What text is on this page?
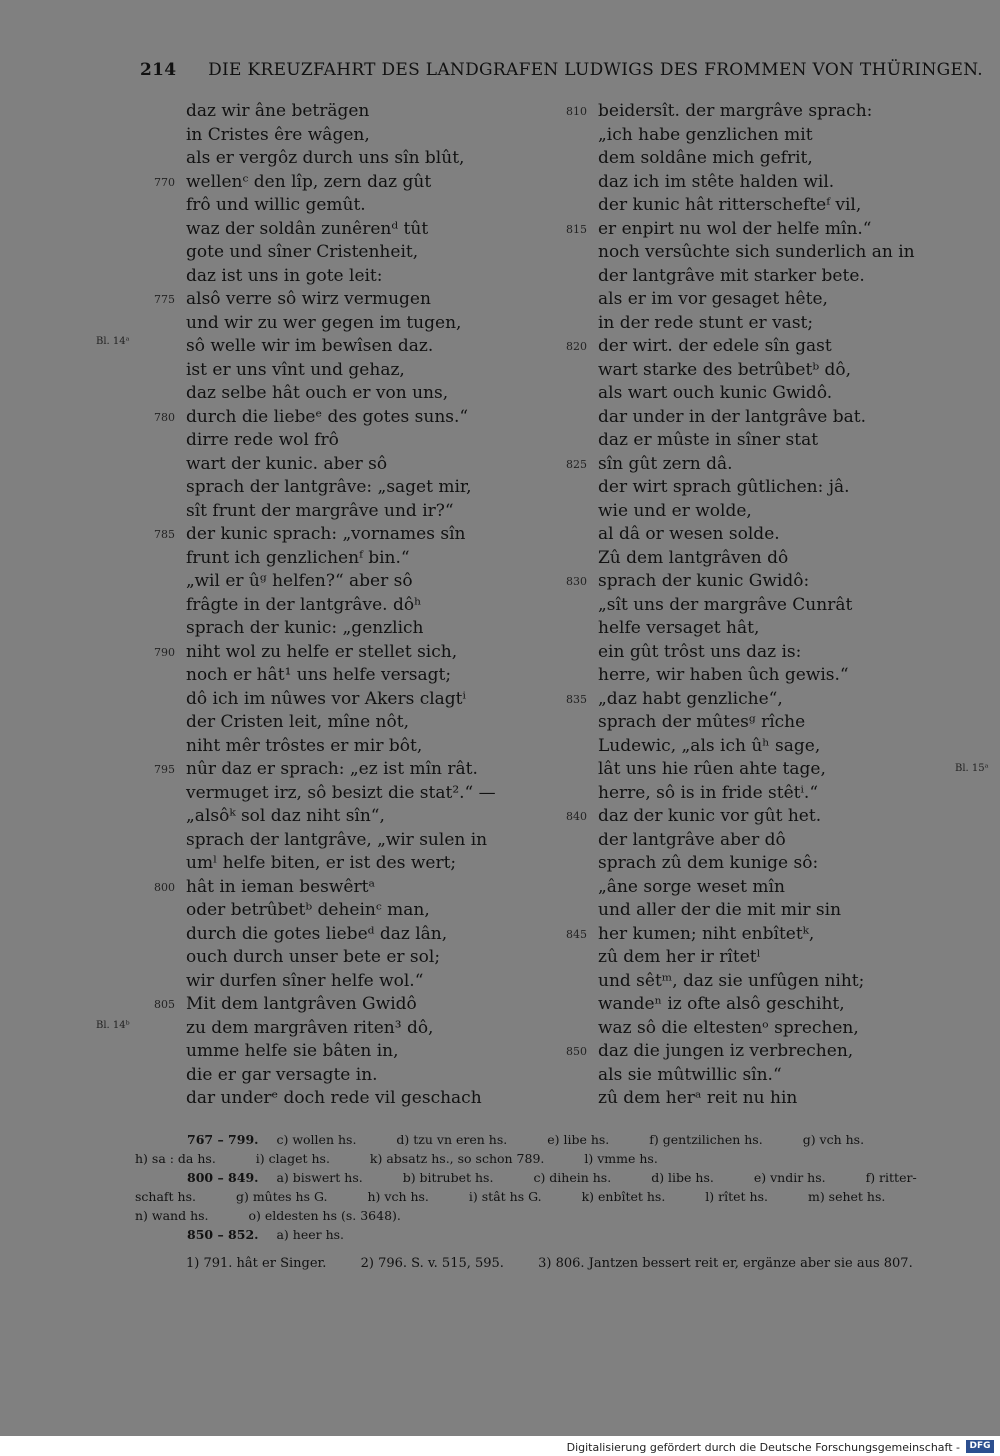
214 DIE KREUZFAHRT DES LANDGRAFEN LUDWIGS DES FROMMEN VON THÜRINGEN.
Bl. 14ᵃ
Bl. 14ᵇ
Bl. 15ᵃ
daz wir âne beträgen
in Cristes êre wâgen,
als er vergôz durch uns sîn blût,
770 wellenᶜ den lîp, zern daz gût
frô und willic gemût.
waz der soldân zunêrenᵈ tût
gote und sîner Cristenheit,
daz ist uns in gote leit:
775 alsô verre sô wirz vermugen
und wir zu wer gegen im tugen,
sô welle wir im bewîsen daz.
ist er uns vînt und gehaz,
daz selbe hât ouch er von uns,
780 durch die liebeᵉ des gotes suns.“
dirre rede wol frô
wart der kunic. aber sô
sprach der lantgrâve: „saget mir,
sît frunt der margrâve und ir?“
785 der kunic sprach: „vornames sîn
frunt ich genzlichenᶠ bin.“
„wil er ûᵍ helfen?“ aber sô
frâgte in der lantgrâve. dôʰ
sprach der kunic: „genzlich
790 niht wol zu helfe er stellet sich,
noch er hât¹ uns helfe versagt;
dô ich im nûwes vor Akers clagtⁱ
der Cristen leit, mîne nôt,
niht mêr trôstes er mir bôt,
795 nûr daz er sprach: „ez ist mîn rât.
vermuget irz, sô besizt die stat².“ —
„alsôᵏ sol daz niht sîn“,
sprach der lantgrâve, „wir sulen in
umˡ helfe biten, er ist des wert;
800 hât in ieman beswêrtᵃ
oder betrûbetᵇ deheinᶜ man,
durch die gotes liebeᵈ daz lân,
ouch durch unser bete er sol;
wir durfen sîner helfe wol.“
805 Mit dem lantgrâven Gwidô
zu dem margrâven riten³ dô,
umme helfe sie bâten in,
die er gar versagte in.
dar underᵉ doch rede vil geschach
810 beidersît. der margrâve sprach:
„ich habe genzlichen mit
dem soldâne mich gefrit,
daz ich im stête halden wil.
der kunic hât ritterschefteᶠ vil,
815 er enpirt nu wol der helfe mîn.“
noch versûchte sich sunderlich an in
der lantgrâve mit starker bete.
als er im vor gesaget hête,
in der rede stunt er vast;
820 der wirt. der edele sîn gast
wart starke des betrûbetᵇ dô,
als wart ouch kunic Gwidô.
dar under in der lantgrâve bat.
daz er mûste in sîner stat
825 sîn gût zern dâ.
der wirt sprach gûtlichen: jâ.
wie und er wolde,
al dâ or wesen solde.
Zû dem lantgrâven dô
830 sprach der kunic Gwidô:
„sît uns der margrâve Cunrât
helfe versaget hât,
ein gût trôst uns daz is:
herre, wir haben ûch gewis.“
835 „daz habt genzliche“,
sprach der mûtesᵍ rîche
Ludewic, „als ich ûʰ sage,
lât uns hie rûen ahte tage,
herre, sô is in fride stêtⁱ.“
840 daz der kunic vor gût het.
der lantgrâve aber dô
sprach zû dem kunige sô:
„âne sorge weset mîn
und aller der die mit mir sin
845 her kumen; niht enbîtetᵏ,
zû dem her ir rîtetˡ
und sêtᵐ, daz sie unfûgen niht;
wandeⁿ iz ofte alsô geschiht,
waz sô die eltestenᵒ sprechen,
850 daz die jungen iz verbrechen,
als sie mûtwillic sîn.“
zû dem herᵃ reit nu hin
767 – 799. c) wollen hs.	d) tzu vn eren hs.	e) libe hs.	f) gentzilichen hs.	g) vch hs.
h) sa : da hs.	i) claget hs.	k) absatz hs., so schon 789.	l) vmme hs.
800 – 849. a) biswert hs.	b) bitrubet hs.	c) dihein hs.	d) libe hs.	e) vndir hs.	f) ritter-
schaft hs.	g) mûtes hs G.	h) vch hs.	i) stât hs G.	k) enbîtet hs.	l) rîtet hs.	m) sehet hs.
n) wand hs.	o) eldesten hs (s. 3648).
850 – 852. a) heer hs.
1) 791. hât er Singer.	2) 796. S. v. 515, 595.	3) 806. Jantzen bessert reit er, ergänze aber sie aus 807.
Digitalisierung gefördert durch die Deutsche Forschungsgemeinschaft -	DFG
